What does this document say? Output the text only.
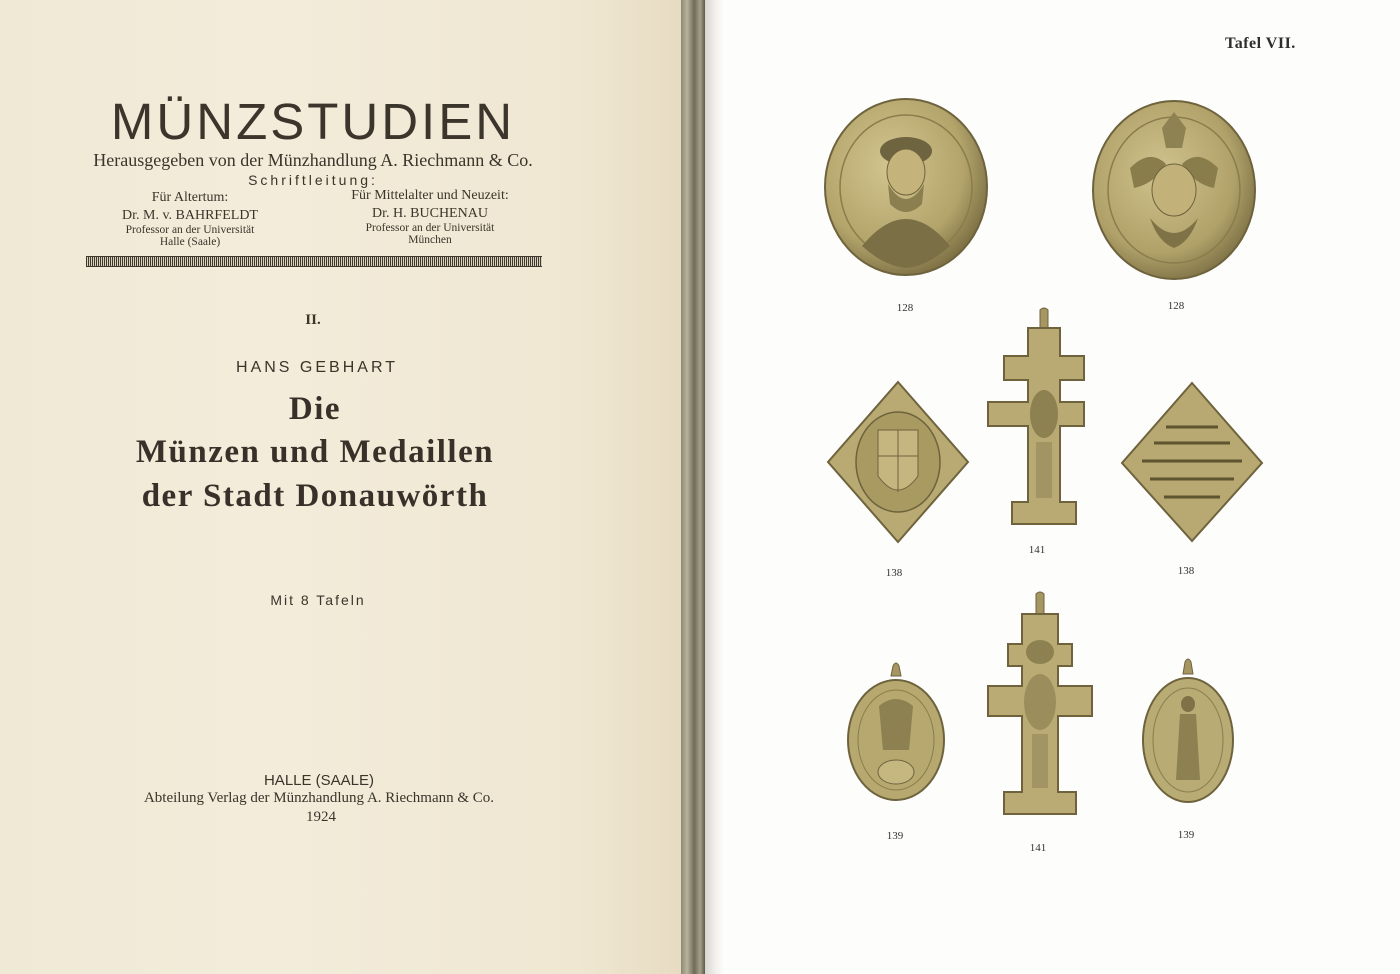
MÜNZSTUDIEN
Herausgegeben von der Münzhandlung A. Riechmann & Co.
Schriftleitung:
Für Altertum:
Dr. M. v. BAHRFELDT
Professor an der Universität
Halle (Saale)
Für Mittelalter und Neuzeit:
Dr. H. BUCHENAU
Professor an der Universität
München
II.
HANS GEBHART
Die
Münzen und Medaillen
der Stadt Donauwörth
Mit 8 Tafeln
HALLE (SAALE)
Abteilung Verlag der Münzhandlung A. Riechmann & Co.
1924
Tafel VII.
128	128
138
141
138
139
141
139
